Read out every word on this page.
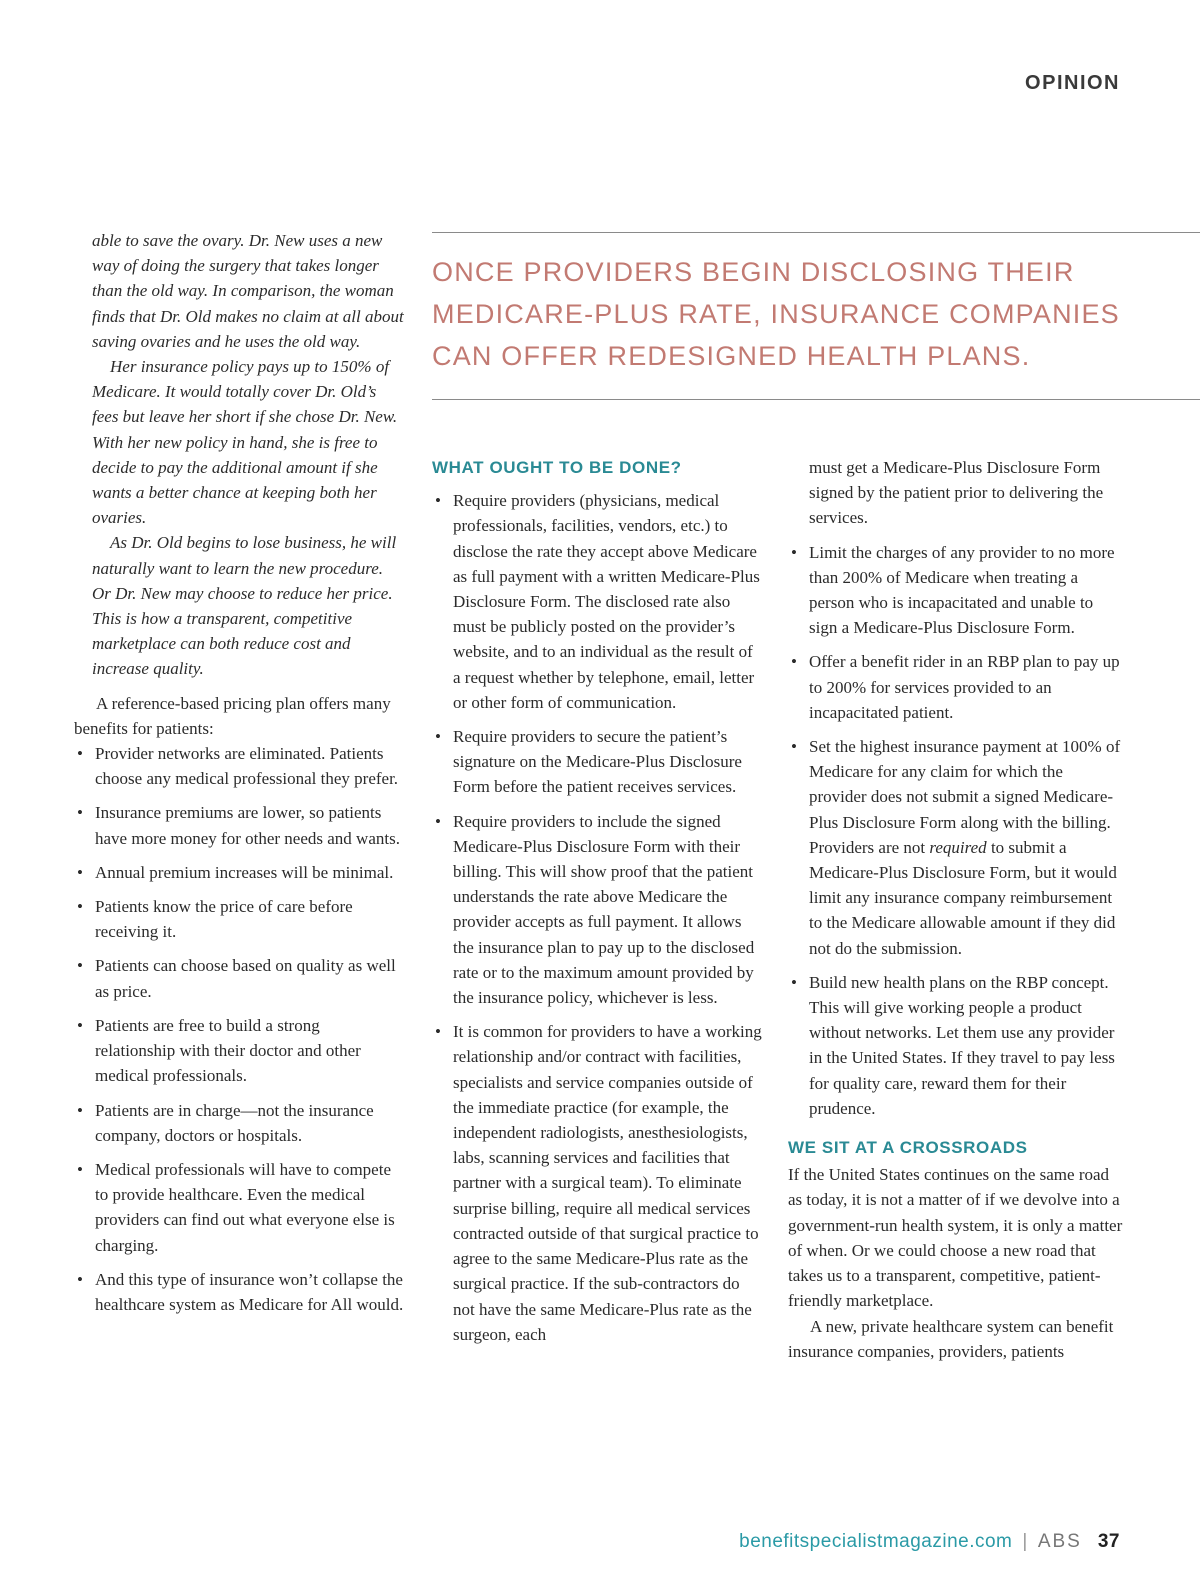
OPINION

able to save the ovary. Dr. New uses a new way of doing the surgery that takes longer than the old way. In comparison, the woman finds that Dr. Old makes no claim at all about saving ovaries and he uses the old way.

Her insurance policy pays up to 150% of Medicare. It would totally cover Dr. Old’s fees but leave her short if she chose Dr. New. With her new policy in hand, she is free to decide to pay the additional amount if she wants a better chance at keeping both her ovaries.

As Dr. Old begins to lose business, he will naturally want to learn the new procedure. Or Dr. New may choose to reduce her price. This is how a transparent, competitive marketplace can both reduce cost and increase quality.

A reference-based pricing plan offers many benefits for patients:

• Provider networks are eliminated. Patients choose any medical professional they prefer.
• Insurance premiums are lower, so patients have more money for other needs and wants.
• Annual premium increases will be minimal.
• Patients know the price of care before receiving it.
• Patients can choose based on quality as well as price.
• Patients are free to build a strong relationship with their doctor and other medical professionals.
• Patients are in charge—not the insurance company, doctors or hospitals.
• Medical professionals will have to compete to provide healthcare. Even the medical providers can find out what everyone else is charging.
• And this type of insurance won’t collapse the healthcare system as Medicare for All would.
ONCE PROVIDERS BEGIN DISCLOSING THEIR MEDICARE-PLUS RATE, INSURANCE COMPANIES CAN OFFER REDESIGNED HEALTH PLANS.
WHAT OUGHT TO BE DONE?
• Require providers (physicians, medical professionals, facilities, vendors, etc.) to disclose the rate they accept above Medicare as full payment with a written Medicare-Plus Disclosure Form. The disclosed rate also must be publicly posted on the provider’s website, and to an individual as the result of a request whether by telephone, email, letter or other form of communication.
• Require providers to secure the patient’s signature on the Medicare-Plus Disclosure Form before the patient receives services.
• Require providers to include the signed Medicare-Plus Disclosure Form with their billing. This will show proof that the patient understands the rate above Medicare the provider accepts as full payment. It allows the insurance plan to pay up to the disclosed rate or to the maximum amount provided by the insurance policy, whichever is less.
• It is common for providers to have a working relationship and/or contract with facilities, specialists and service companies outside of the immediate practice (for example, the independent radiologists, anesthesiologists, labs, scanning services and facilities that partner with a surgical team). To eliminate surprise billing, require all medical services contracted outside of that surgical practice to agree to the same Medicare-Plus rate as the surgical practice. If the sub-contractors do not have the same Medicare-Plus rate as the surgeon, each

must get a Medicare-Plus Disclosure Form signed by the patient prior to delivering the services.

• Limit the charges of any provider to no more than 200% of Medicare when treating a person who is incapacitated and unable to sign a Medicare-Plus Disclosure Form.
• Offer a benefit rider in an RBP plan to pay up to 200% for services provided to an incapacitated patient.
• Set the highest insurance payment at 100% of Medicare for any claim for which the provider does not submit a signed Medicare-Plus Disclosure Form along with the billing. Providers are not required to submit a Medicare-Plus Disclosure Form, but it would limit any insurance company reimbursement to the Medicare allowable amount if they did not do the submission.
• Build new health plans on the RBP concept. This will give working people a product without networks. Let them use any provider in the United States. If they travel to pay less for quality care, reward them for their prudence.
WE SIT AT A CROSSROADS

If the United States continues on the same road as today, it is not a matter of if we devolve into a government-run health system, it is only a matter of when. Or we could choose a new road that takes us to a transparent, competitive, patient-friendly marketplace.

A new, private healthcare system can benefit insurance companies, providers, patients

benefitspecialistmagazine.com | ABS 37
